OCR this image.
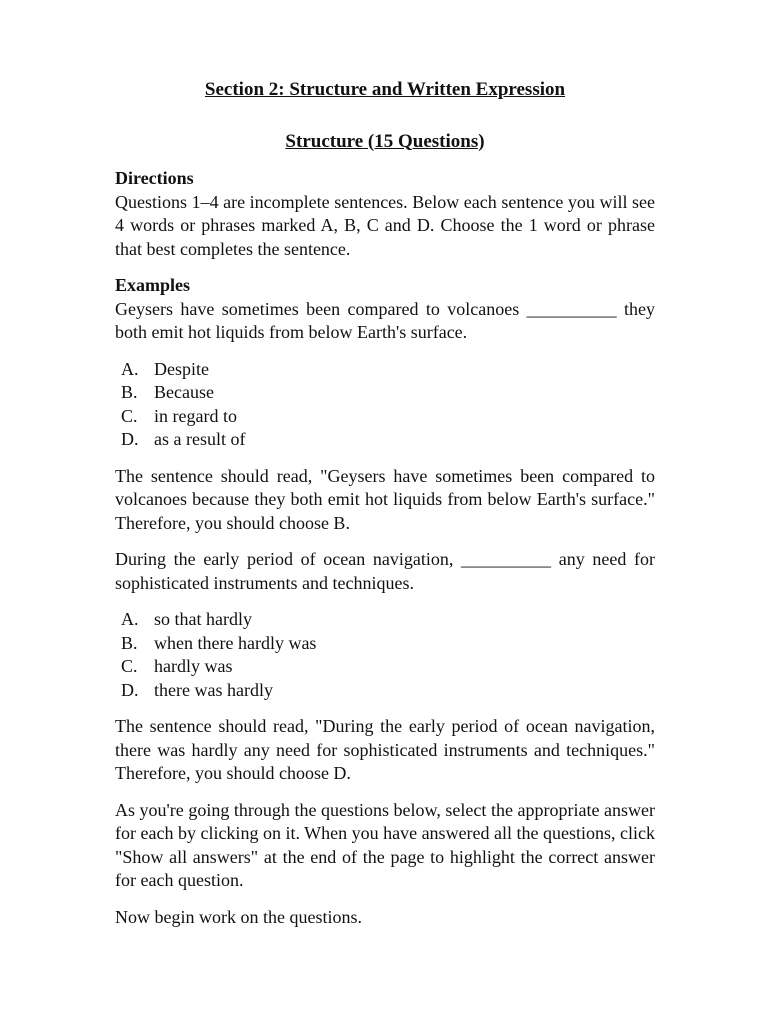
Section 2: Structure and Written Expression
Structure (15 Questions)

Directions

Questions 1–4 are incomplete sentences. Below each sentence you will see 4 words or phrases marked A, B, C and D. Choose the 1 word or phrase that best completes the sentence.

Examples

Geysers have sometimes been compared to volcanoes __________ they both emit hot liquids from below Earth's surface.

A. Despite
B. Because
C. in regard to
D. as a result of

The sentence should read, "Geysers have sometimes been compared to volcanoes because they both emit hot liquids from below Earth's surface." Therefore, you should choose B.

During the early period of ocean navigation, __________ any need for sophisticated instruments and techniques.

A. so that hardly
B. when there hardly was
C. hardly was
D. there was hardly

The sentence should read, "During the early period of ocean navigation, there was hardly any need for sophisticated instruments and techniques." Therefore, you should choose D.

As you're going through the questions below, select the appropriate answer for each by clicking on it. When you have answered all the questions, click "Show all answers" at the end of the page to highlight the correct answer for each question.

Now begin work on the questions.
